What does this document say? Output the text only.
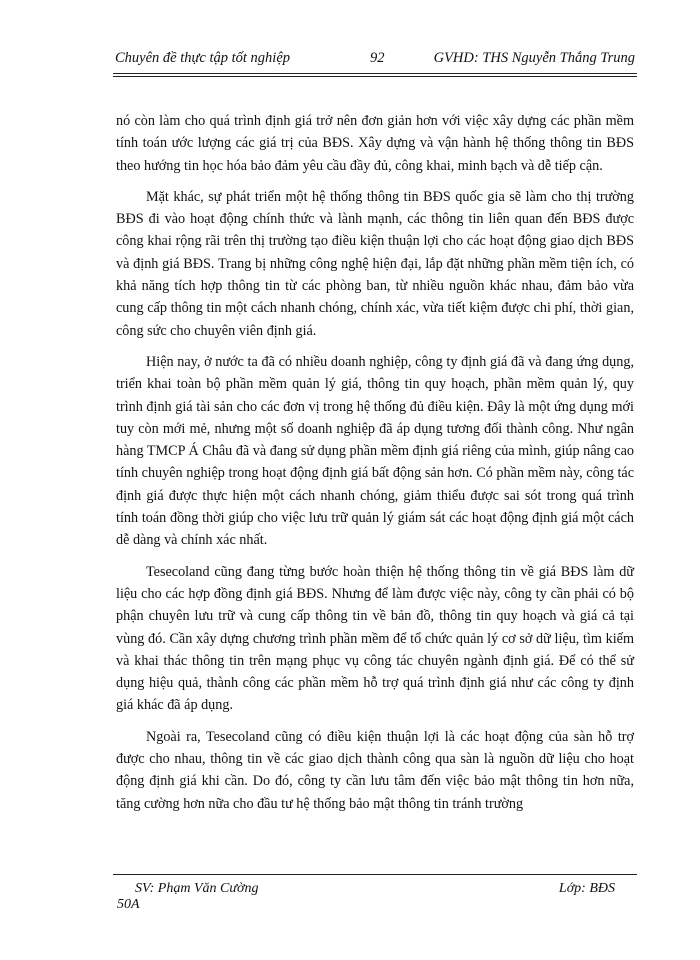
Chuyên đề thực tập tốt nghiệp	92	GVHD: THS Nguyễn Thắng Trung

nó còn làm cho quá trình định giá trở nên đơn giản hơn với việc xây dựng các phần mềm tính toán ước lượng các giá trị của BĐS. Xây dựng và vận hành hệ thống thông tin BĐS theo hướng tin học hóa bảo đảm yêu cầu đầy đủ, công khai, minh bạch và dễ tiếp cận.

Mặt khác, sự phát triển một hệ thống thông tin BĐS quốc gia sẽ làm cho thị trường BĐS đi vào hoạt động chính thức và lành mạnh, các thông tin liên quan đến BĐS được công khai rộng rãi trên thị trường tạo điều kiện thuận lợi cho các hoạt động giao dịch BĐS và định giá BĐS. Trang bị những công nghệ hiện đại, lắp đặt những phần mềm tiện ích, có khả năng tích hợp thông tin từ các phòng ban, từ nhiều nguồn khác nhau, đảm bảo vừa cung cấp thông tin một cách nhanh chóng, chính xác, vừa tiết kiệm được chi phí, thời gian, công sức cho chuyên viên định giá.

Hiện nay, ở nước ta đã có nhiều doanh nghiệp, công ty định giá đã và đang ứng dụng, triển khai toàn bộ phần mềm quản lý giá, thông tin quy hoạch, phần mềm quản lý, quy trình định giá tài sản cho các đơn vị trong hệ thống đủ điều kiện. Đây là một ứng dụng mới tuy còn mới mẻ, nhưng một số doanh nghiệp đã áp dụng tương đối thành công. Như ngân hàng TMCP Á Châu đã và đang sử dụng phần mềm định giá riêng của mình, giúp nâng cao tính chuyên nghiệp trong hoạt động định giá bất động sản hơn. Có phần mềm này, công tác định giá được thực hiện một cách nhanh chóng, giảm thiểu được sai sót trong quá trình tính toán đồng thời giúp cho việc lưu trữ quản lý giám sát các hoạt động định giá một cách dễ dàng và chính xác nhất.

Tesecoland cũng đang từng bước hoàn thiện hệ thống thông tin về giá BĐS làm dữ liệu cho các hợp đồng định giá BĐS. Nhưng để làm được việc này, công ty cần phải có bộ phận chuyên lưu trữ và cung cấp thông tin về bản đồ, thông tin quy hoạch và giá cả tại vùng đó. Cần xây dựng chương trình phần mềm để tổ chức quản lý cơ sở dữ liệu, tìm kiếm và khai thác thông tin trên mạng phục vụ công tác chuyên ngành định giá. Để có thể sử dụng hiệu quả, thành công các phần mềm hỗ trợ quá trình định giá như các công ty định giá khác đã áp dụng.

Ngoài ra, Tesecoland cũng có điều kiện thuận lợi là các hoạt động của sàn hỗ trợ được cho nhau, thông tin về các giao dịch thành công qua sàn là nguồn dữ liệu cho hoạt động định giá khi cần. Do đó, công ty cần lưu tâm đến việc bảo mật thông tin hơn nữa, tăng cường hơn nữa cho đầu tư hệ thống bảo mật thông tin tránh trường

SV: Phạm Văn Cường	Lớp: BĐS
50A
